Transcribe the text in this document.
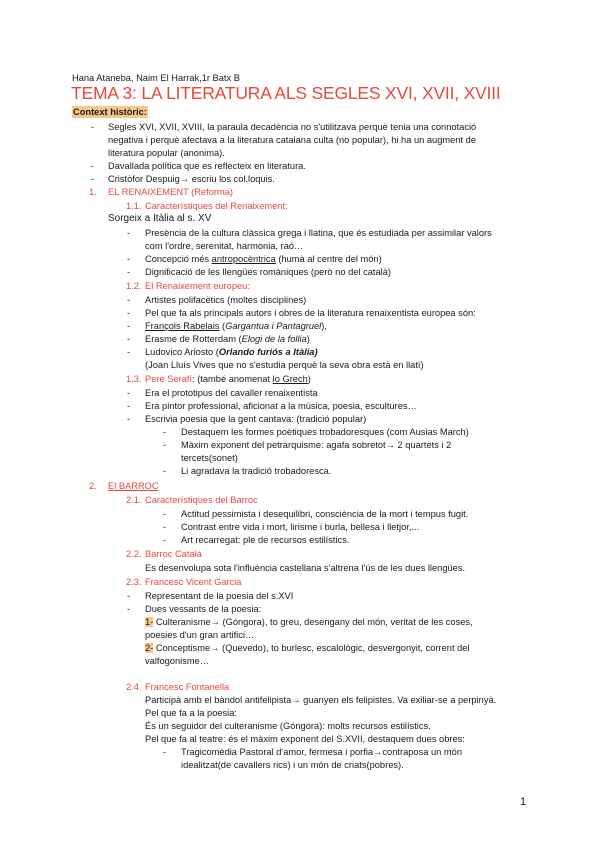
Hana Ataneba, Naim El Harrak,1r Batx B
TEMA 3: LA LITERATURA ALS SEGLES XVI, XVII, XVIII
Context històric:
- Segles XVI, XVII, XVIII, la paraula decadència no s'utilitzava perquè tenia una connotació
negativa i perquè afectava a la literatura catalana culta (no popular), hi ha un augment de
literatura popular (anonima).
- Davallada política que es reflecteix en literatura.
- Cristòfor Despuig→ escriu los col.loquis.
1. EL RENAIXEMENT (Reforma)
1.1. Característiques del Renaixement:
Sorgeix a Itàlia al s. XV
- Presència de la cultura clàssica grega i llatina, que és estudiada per assimilar valors
com l'ordre, serenitat, harmonia, raó…
- Concepció més antropocèntrica (humà al centre del món)
- Dignificació de les llengües romàniques (però no del català)
1.2. El Renaixement europeu:
- Artistes polifacètics (moltes disciplines)
- Pel que fa als principals autors i obres de la literatura renaixentista europea són:
- François Rabelais (Gargantua i Pantagruel),
- Erasme de Rotterdam (Elogi de la follia)
- Ludovico Ariosto (Orlando furiós a Itàlia)
(Joan Lluís Vives que no s'estudia perquè la seva obra està en llatí)
1.3. Pere Serafí: (també anomenat lo Grech)
- Era el prototipus del cavaller renaixentista
- Era pintor professional, aficionat a la música, poesia, escultures…
- Escrivia poesia que la gent cantava: (tradició popular)
- Destaquem les formes poètiques trobadoresques (com Ausias March)
- Màxim exponent del petrarquisme: agafa sobretot→ 2 quartets i 2
tercets(sonet)
- Li agradava la tradició trobadoresca.
2. El BARROC
2.1. Característiques del Barroc
- Actitud pessimista i desequilibri, consciència de la mort i tempus fugit.
- Contrast entre vida i mort, lirisme i burla, bellesa i lletjor,...
- Art recarregat: ple de recursos estilístics.
2.2. Barroc Català
Es desenvolupa sota l'influència castellana s'altrena l'ús de les dues llengües.
2.3. Francesc Vicent Garcia
- Representant de la poesia del s.XVI
- Dues vessants de la poesia:
1- Culteranisme→ (Góngora), to greu, desengany del món, veritat de les coses,
poesies d'un gran artifici…
2- Conceptisme→ (Quevedo), to burlesc, escalològic, desvergonyit, corrent del
valfogonisme…
2.4. Francesc Fontanella
Participà amb el bàndol antifelipista→ guanyen els felipistes. Va exiliar-se a perpinyà.
Pel que fa a la poesia:
És un seguidor del culteranisme (Góngora): molts recursos estilístics.
Pel que fa al teatre: és el màxim exponent del S.XVII, destaquem dues obres:
- Tragicomèdia Pastoral d'amor, fermesa i porfia→contraposa un món
idealitzat(de cavallers rics) i un món de criats(pobres).
1
